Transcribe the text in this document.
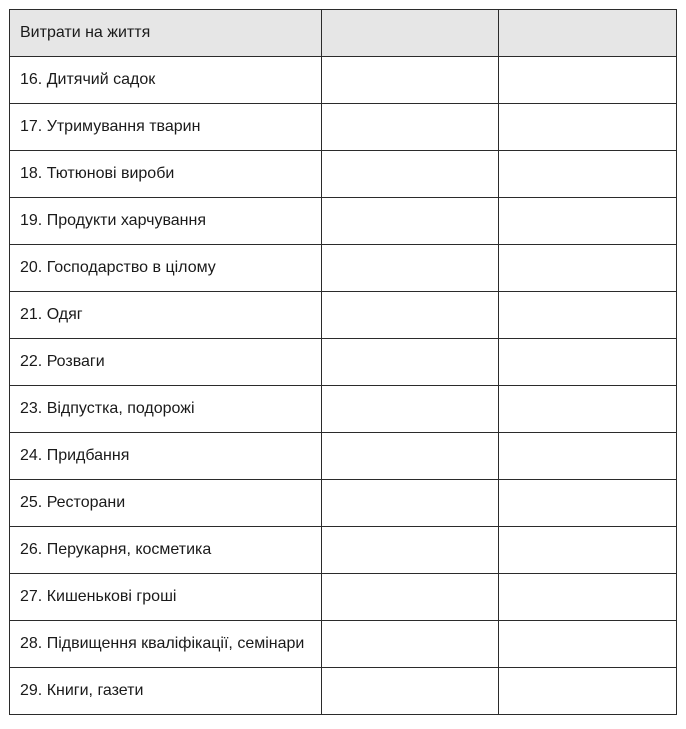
Витрати на життя		
16. Дитячий садок		
17. Утримування тварин		
18. Тютюнові вироби		
19. Продукти харчування		
20. Господарство в цілому		
21. Одяг		
22. Розваги		
23. Відпустка, подорожі		
24. Придбання		
25. Ресторани		
26. Перукарня, косметика		
27. Кишенькові гроші		
28. Підвищення кваліфікації, семінари		
29. Книги, газети		
